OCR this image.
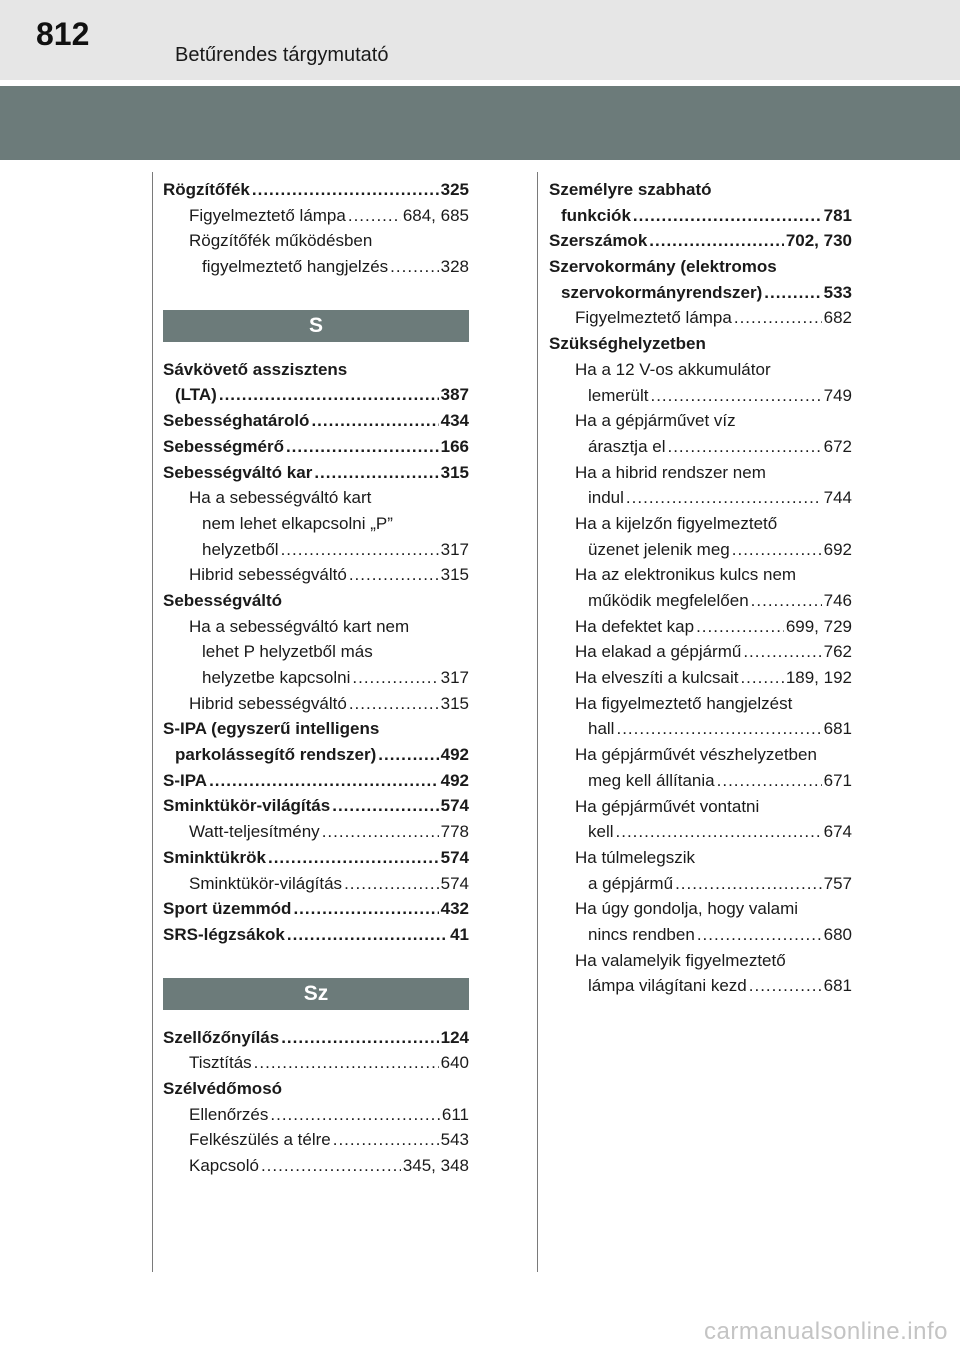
812
Betűrendes tárgymutató
Rögzítőfék .....	325
Figyelmeztető lámpa .....	684, 685
Rögzítőfék működésben
figyelmeztető hangjelzés .....	328
S
Sávkövető asszisztens
(LTA) .....	387
Sebességhatároló .....	434
Sebességmérő .....	166
Sebességváltó kar .....	315
Ha a sebességváltó kart
nem lehet elkapcsolni „P”
helyzetből .....	317
Hibrid sebességváltó .....	315
Sebességváltó
Ha a sebességváltó kart nem
lehet P helyzetből más
helyzetbe kapcsolni .....	317
Hibrid sebességváltó .....	315
S-IPA (egyszerű intelligens
parkolássegítő rendszer) .....	492
S-IPA .....	492
Sminktükör-világítás .....	574
Watt-teljesítmény .....	778
Sminktükrök .....	574
Sminktükör-világítás .....	574
Sport üzemmód .....	432
SRS-légzsákok .....	41
Sz
Szellőzőnyílás .....	124
Tisztítás .....	640
Szélvédőmosó
Ellenőrzés .....	611
Felkészülés a télre .....	543
Kapcsoló .....	345, 348
Személyre szabható
funkciók .....	781
Szerszámok .....	702, 730
Szervokormány (elektromos
szervokormányrendszer) .....	533
Figyelmeztető lámpa .....	682
Szükséghelyzetben
Ha a 12 V-os akkumulátor
lemerült .....	749
Ha a gépjárművet víz
árasztja el .....	672
Ha a hibrid rendszer nem
indul .....	744
Ha a kijelzőn figyelmeztető
üzenet jelenik meg .....	692
Ha az elektronikus kulcs nem
működik megfelelően .....	746
Ha defektet kap .....	699, 729
Ha elakad a gépjármű .....	762
Ha elveszíti a kulcsait .....	189, 192
Ha figyelmeztető hangjelzést
hall .....	681
Ha gépjárművét vészhelyzetben
meg kell állítania .....	671
Ha gépjárművét vontatni
kell .....	674
Ha túlmelegszik
a gépjármű .....	757
Ha úgy gondolja, hogy valami
nincs rendben .....	680
Ha valamelyik figyelmeztető
lámpa világítani kezd .....	681
carmanualsonline.info
